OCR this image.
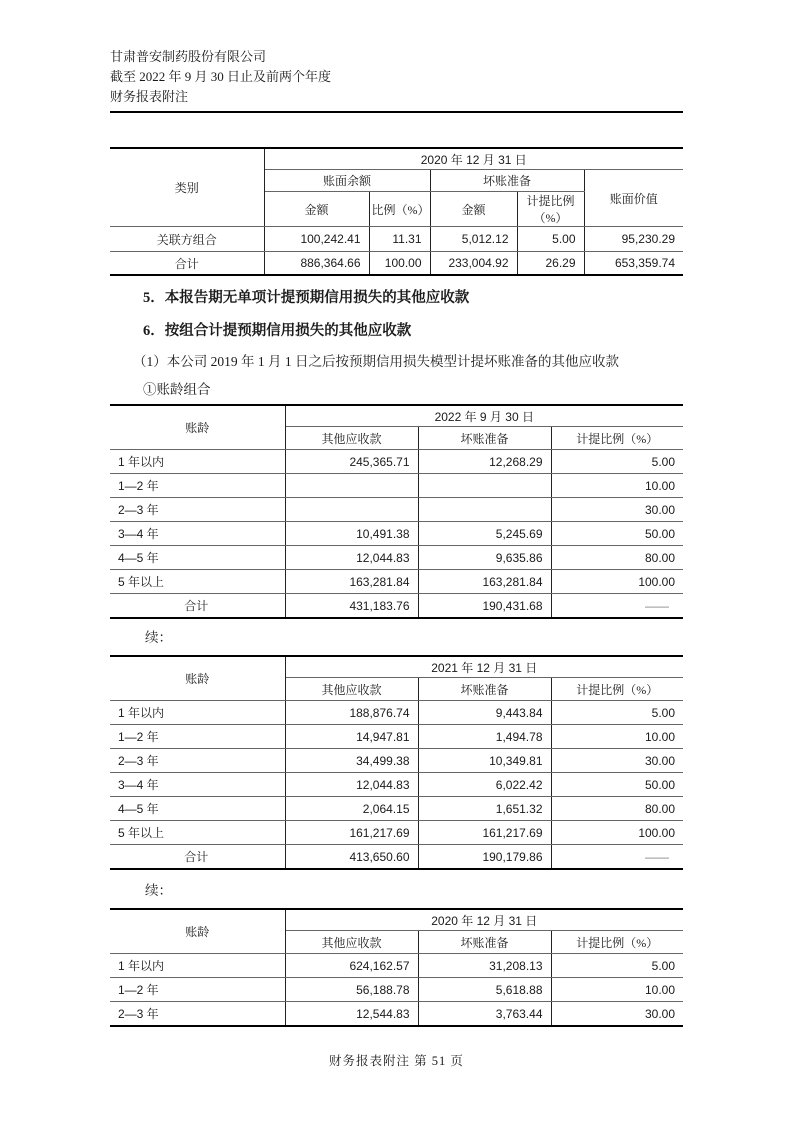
甘肃普安制药股份有限公司
截至 2022 年 9 月 30 日止及前两个年度
财务报表附注
类别	2020 年 12 月 31 日				
	账面余额		坏账准备		账面价值
	金额	比例（%）	金额	计提比例（%）	
关联方组合	100,242.41	11.31	5,012.12	5.00	95,230.29
合计	886,364.66	100.00	233,004.92	26.29	653,359.74

5．本报告期无单项计提预期信用损失的其他应收款

6．按组合计提预期信用损失的其他应收款

（1）本公司 2019 年 1 月 1 日之后按预期信用损失模型计提坏账准备的其他应收款

①账龄组合

账龄	2022 年 9 月 30 日		
	其他应收款	坏账准备	计提比例（%）
1 年以内	245,365.71	12,268.29	5.00
1—2 年			10.00
2—3 年			30.00
3—4 年	10,491.38	5,245.69	50.00
4—5 年	12,044.83	9,635.86	80.00
5 年以上	163,281.84	163,281.84	100.00
合计	431,183.76	190,431.68	——

续：

账龄	2021 年 12 月 31 日		
	其他应收款	坏账准备	计提比例（%）
1 年以内	188,876.74	9,443.84	5.00
1—2 年	14,947.81	1,494.78	10.00
2—3 年	34,499.38	10,349.81	30.00
3—4 年	12,044.83	6,022.42	50.00
4—5 年	2,064.15	1,651.32	80.00
5 年以上	161,217.69	161,217.69	100.00
合计	413,650.60	190,179.86	——

续：

账龄	2020 年 12 月 31 日		
	其他应收款	坏账准备	计提比例（%）
1 年以内	624,162.57	31,208.13	5.00
1—2 年	56,188.78	5,618.88	10.00
2—3 年	12,544.83	3,763.44	30.00
财务报表附注 第 51 页
